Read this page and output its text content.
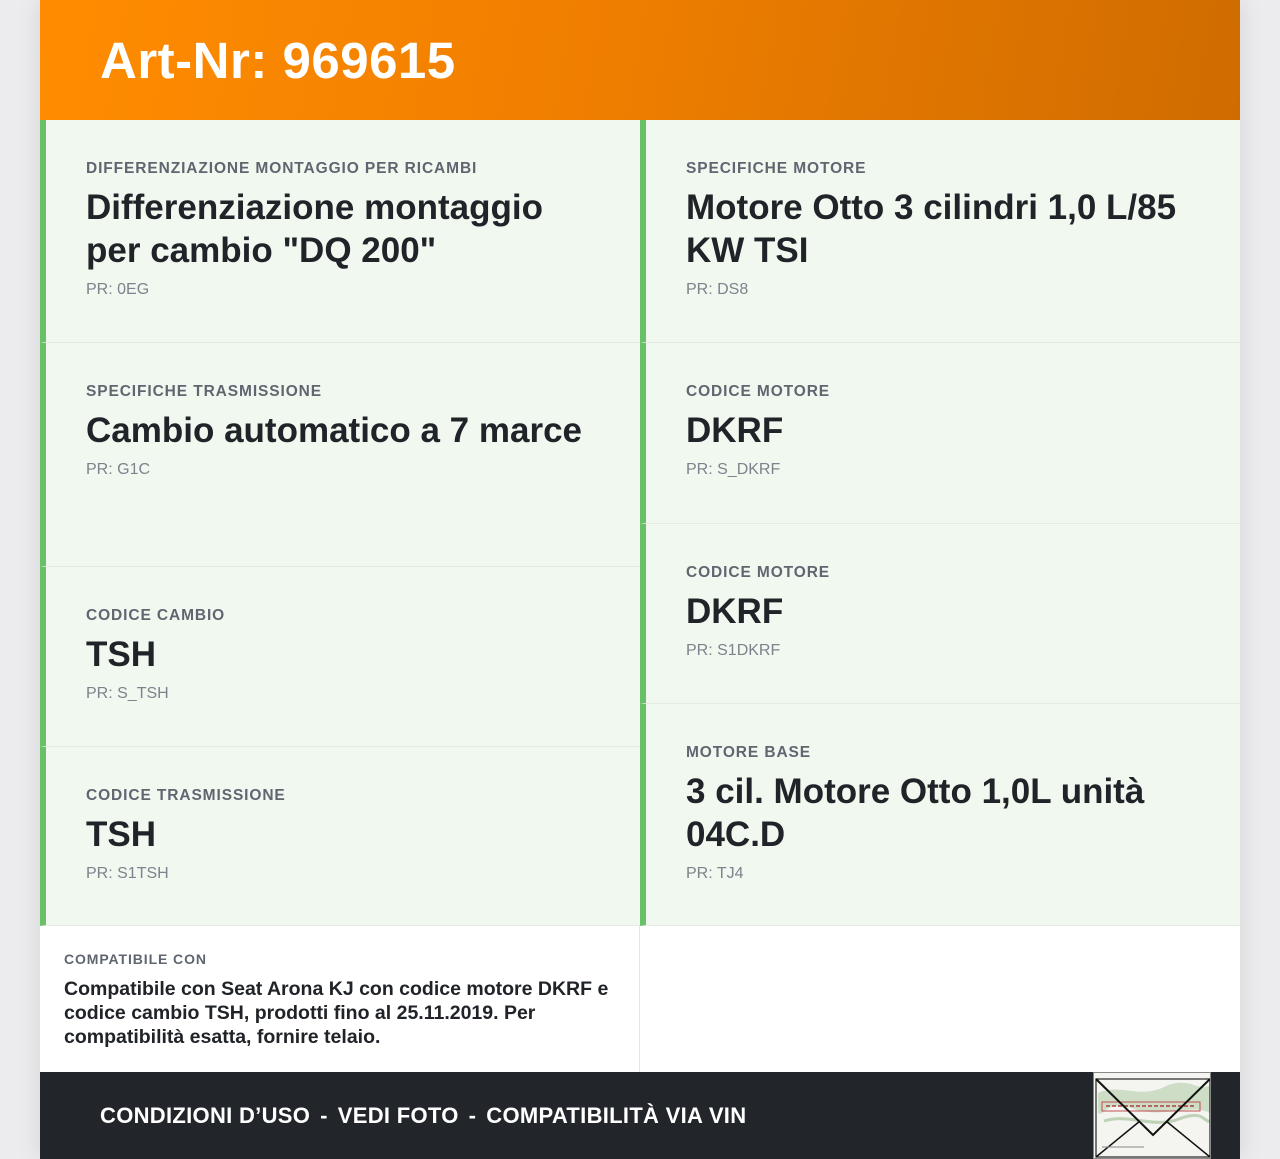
Art-Nr: 969615
DIFFERENZIAZIONE MONTAGGIO PER RICAMBI
Differenziazione montaggio per cambio "DQ 200"
PR: 0EG
SPECIFICHE TRASMISSIONE
Cambio automatico a 7 marce
PR: G1C
CODICE CAMBIO
TSH
PR: S_TSH
CODICE TRASMISSIONE
TSH
PR: S1TSH
SPECIFICHE MOTORE
Motore Otto 3 cilindri 1,0 L/85 KW TSI
PR: DS8
CODICE MOTORE
DKRF
PR: S_DKRF
CODICE MOTORE
DKRF
PR: S1DKRF
MOTORE BASE
3 cil. Motore Otto 1,0L unità 04C.D
PR: TJ4
COMPATIBILE CON
Compatibile con Seat Arona KJ con codice motore DKRF e codice cambio TSH, prodotti fino al 25.11.2019. Per compatibilità esatta, fornire telaio.
CONDIZIONI D’USO - VEDI FOTO - COMPATIBILITÀ VIA VIN
